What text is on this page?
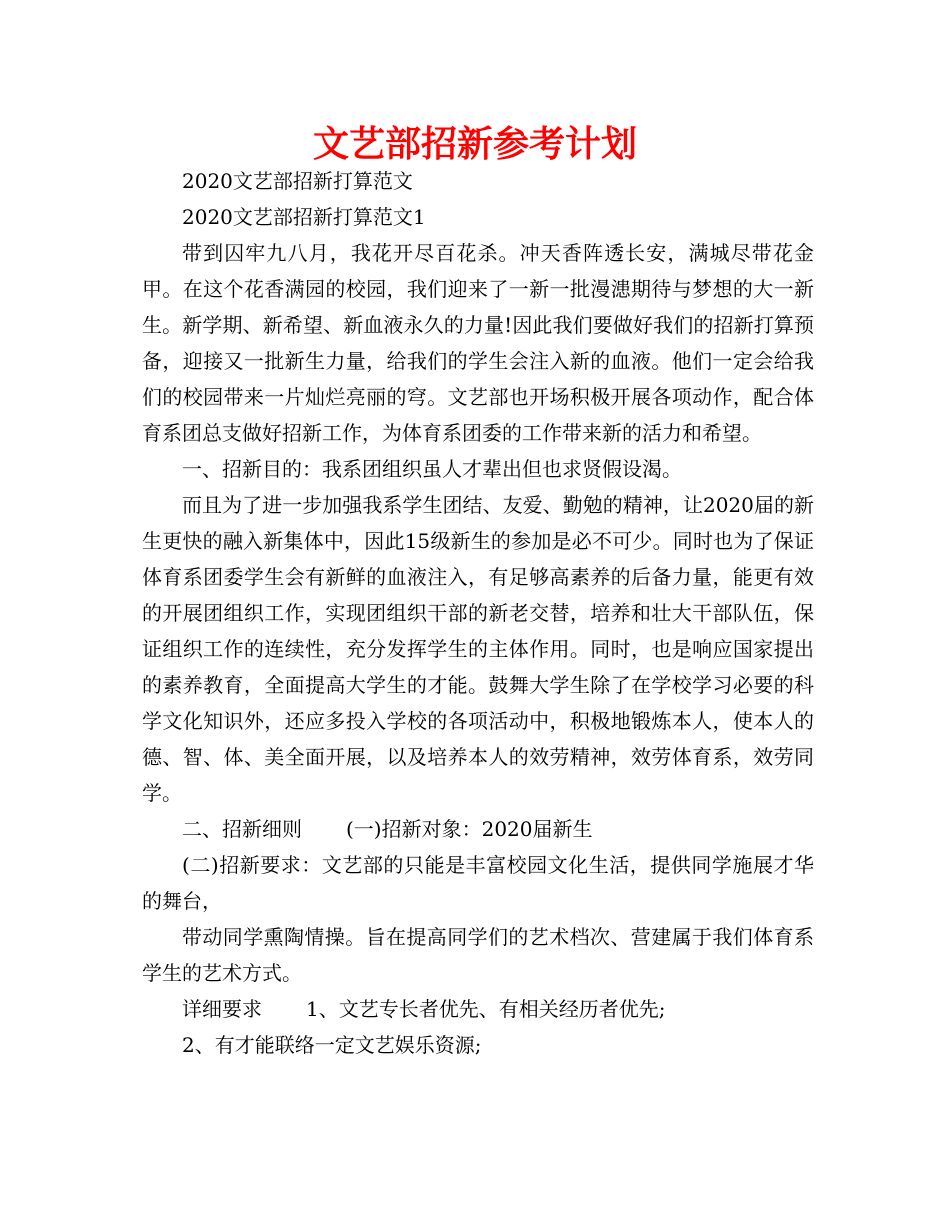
文艺部招新参考计划

2020文艺部招新打算范文

2020文艺部招新打算范文1

带到囚牢九八月，我花开尽百花杀。冲天香阵透长安，满城尽带花金甲。在这个花香满园的校园，我们迎来了一新一批漫漶期待与梦想的大一新生。新学期、新希望、新血液永久的力量!因此我们要做好我们的招新打算预备，迎接又一批新生力量，给我们的学生会注入新的血液。他们一定会给我们的校园带来一片灿烂亮丽的穹。文艺部也开场积极开展各项动作，配合体育系团总支做好招新工作，为体育系团委的工作带来新的活力和希望。

一、招新目的：我系团组织虽人才辈出但也求贤假设渴。

而且为了进一步加强我系学生团结、友爱、勤勉的精神，让2020届的新生更快的融入新集体中，因此15级新生的参加是必不可少。同时也为了保证体育系团委学生会有新鲜的血液注入，有足够高素养的后备力量，能更有效的开展团组织工作，实现团组织干部的新老交替，培养和壮大干部队伍，保证组织工作的连续性，充分发挥学生的主体作用。同时，也是响应国家提出的素养教育，全面提高大学生的才能。鼓舞大学生除了在学校学习必要的科学文化知识外，还应多投入学校的各项活动中，积极地锻炼本人，使本人的德、智、体、美全面开展，以及培养本人的效劳精神，效劳体育系，效劳同学。

二、招新细则 (一)招新对象：2020届新生

(二)招新要求：文艺部的只能是丰富校园文化生活，提供同学施展才华的舞台，

带动同学熏陶情操。旨在提高同学们的艺术档次、营建属于我们体育系学生的艺术方式。

详细要求 1、文艺专长者优先、有相关经历者优先;

2、有才能联络一定文艺娱乐资源;
